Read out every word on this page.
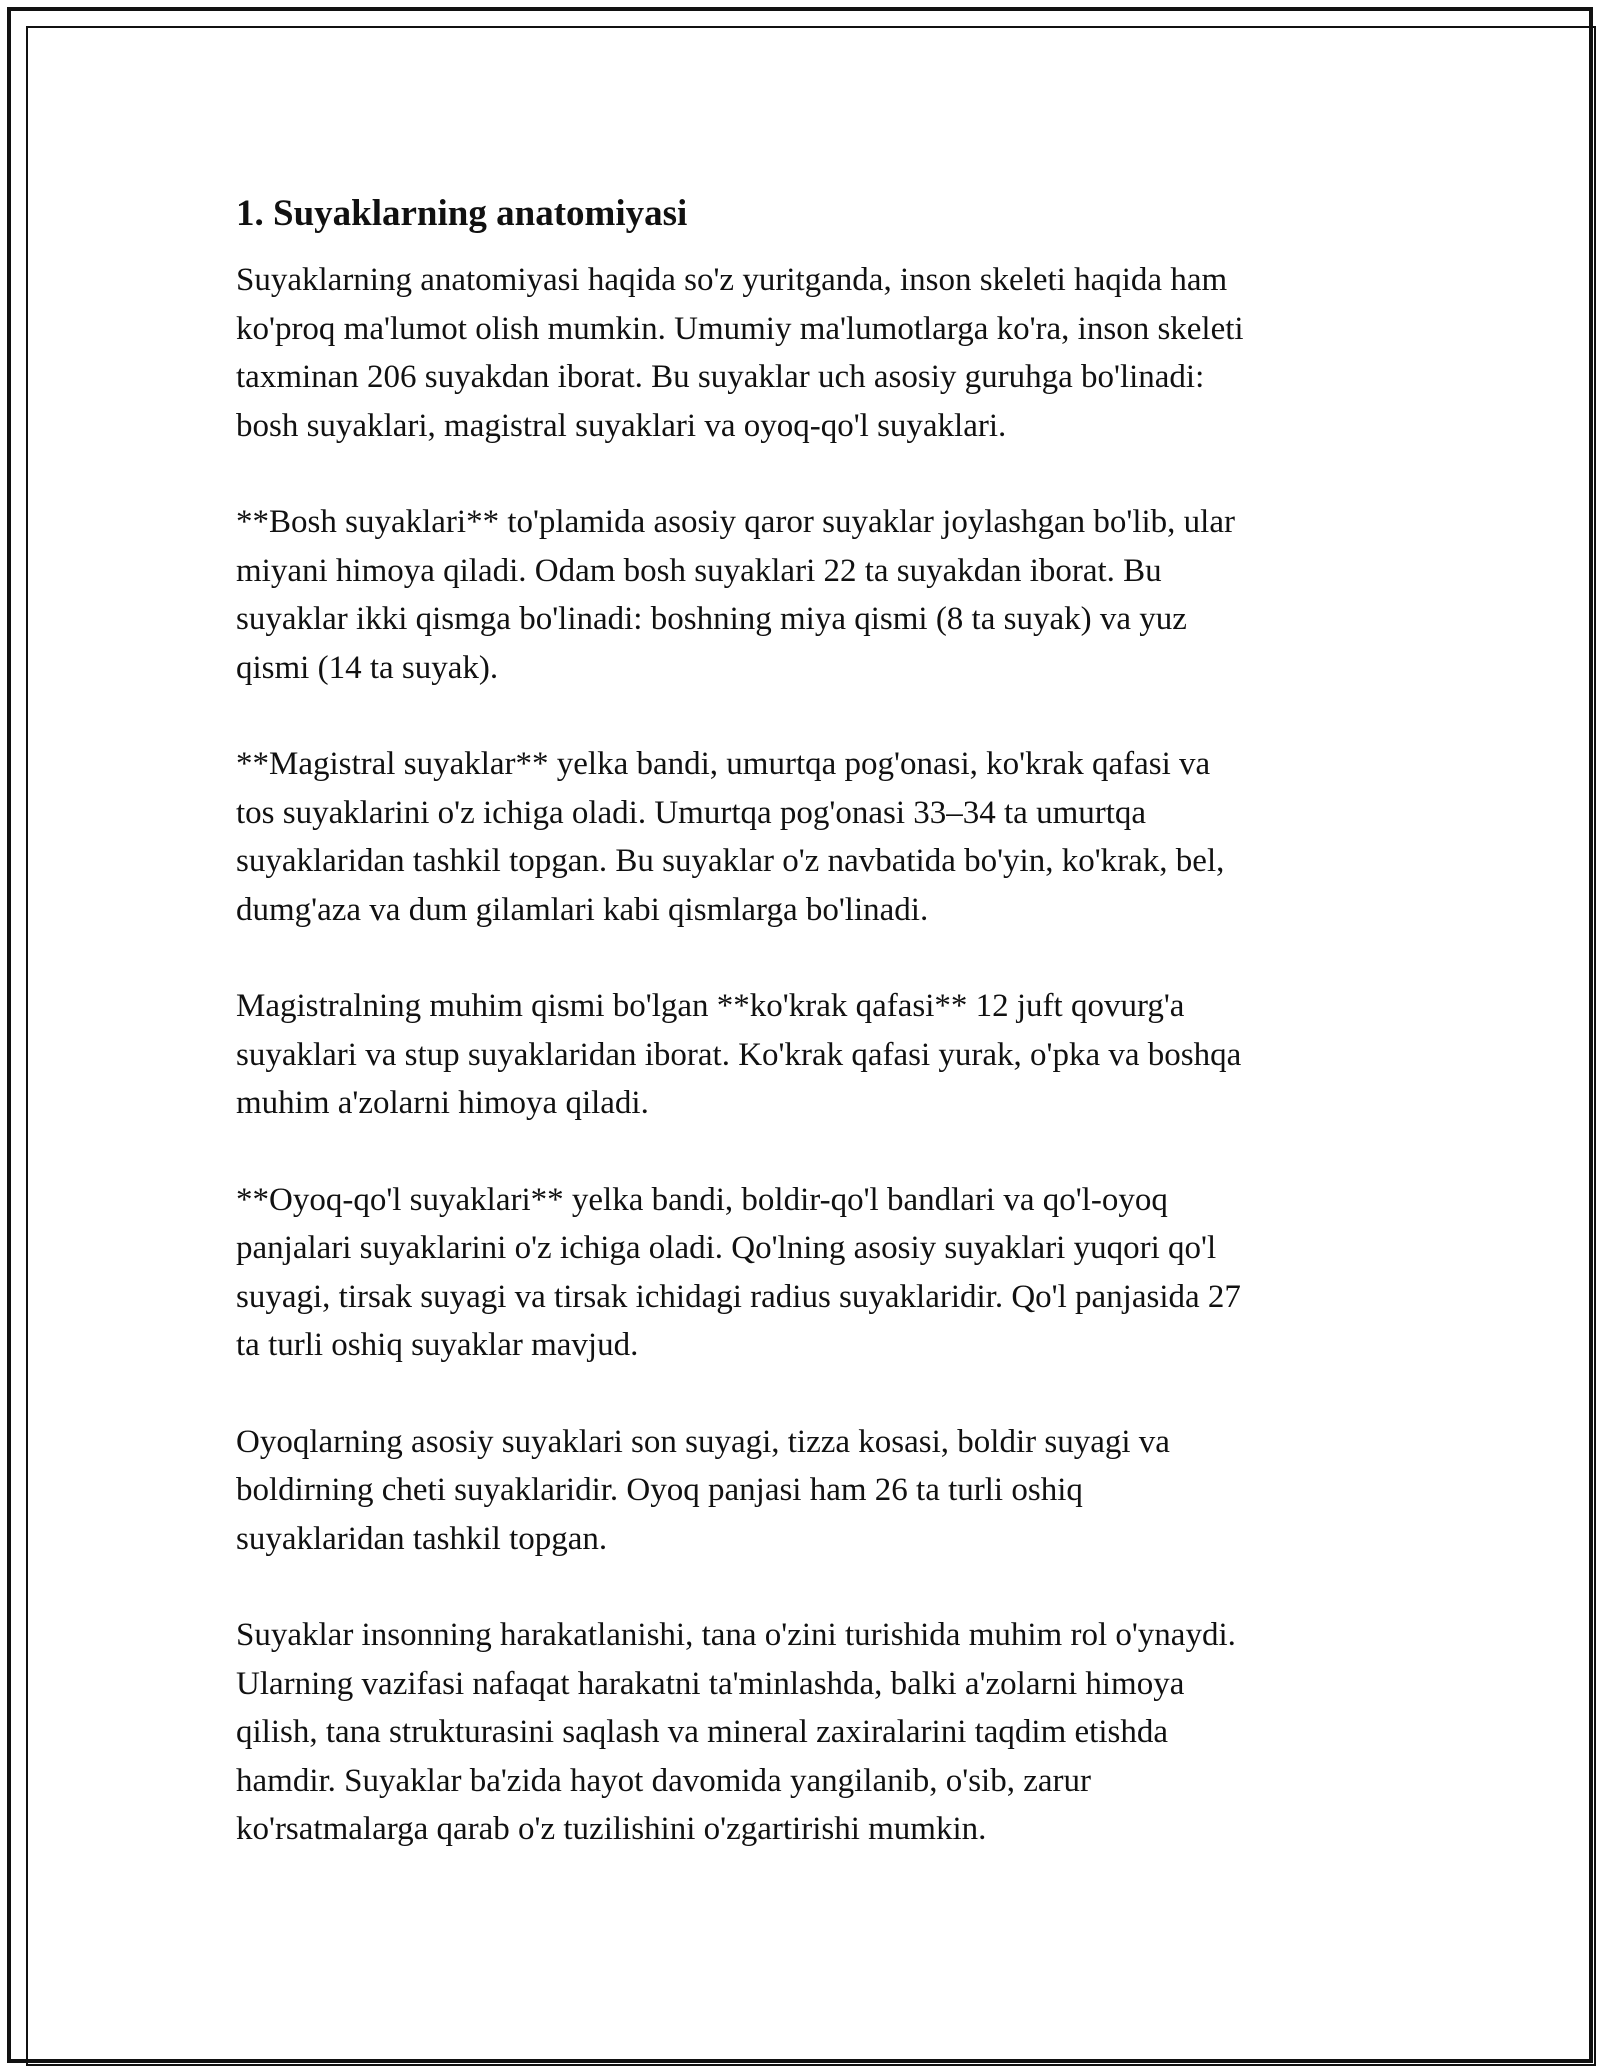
1. Suyaklarning anatomiyasi

Suyaklarning anatomiyasi haqida so'z yuritganda, inson skeleti haqida ham
ko'proq ma'lumot olish mumkin. Umumiy ma'lumotlarga ko'ra, inson skeleti
taxminan 206 suyakdan iborat. Bu suyaklar uch asosiy guruhga bo'linadi:
bosh suyaklari, magistral suyaklari va oyoq-qo'l suyaklari.

**Bosh suyaklari** to'plamida asosiy qaror suyaklar joylashgan bo'lib, ular
miyani himoya qiladi. Odam bosh suyaklari 22 ta suyakdan iborat. Bu
suyaklar ikki qismga bo'linadi: boshning miya qismi (8 ta suyak) va yuz
qismi (14 ta suyak).

**Magistral suyaklar** yelka bandi, umurtqa pog'onasi, ko'krak qafasi va
tos suyaklarini o'z ichiga oladi. Umurtqa pog'onasi 33–34 ta umurtqa
suyaklaridan tashkil topgan. Bu suyaklar o'z navbatida bo'yin, ko'krak, bel,
dumg'aza va dum gilamlari kabi qismlarga bo'linadi.

Magistralning muhim qismi bo'lgan **ko'krak qafasi** 12 juft qovurg'a
suyaklari va stup suyaklaridan iborat. Ko'krak qafasi yurak, o'pka va boshqa
muhim a'zolarni himoya qiladi.

**Oyoq-qo'l suyaklari** yelka bandi, boldir-qo'l bandlari va qo'l-oyoq
panjalari suyaklarini o'z ichiga oladi. Qo'lning asosiy suyaklari yuqori qo'l
suyagi, tirsak suyagi va tirsak ichidagi radius suyaklaridir. Qo'l panjasida 27
ta turli oshiq suyaklar mavjud.

Oyoqlarning asosiy suyaklari son suyagi, tizza kosasi, boldir suyagi va
boldirning cheti suyaklaridir. Oyoq panjasi ham 26 ta turli oshiq
suyaklaridan tashkil topgan.

Suyaklar insonning harakatlanishi, tana o'zini turishida muhim rol o'ynaydi.
Ularning vazifasi nafaqat harakatni ta'minlashda, balki a'zolarni himoya
qilish, tana strukturasini saqlash va mineral zaxiralarini taqdim etishda
hamdir. Suyaklar ba'zida hayot davomida yangilanib, o'sib, zarur
ko'rsatmalarga qarab o'z tuzilishini o'zgartirishi mumkin.
